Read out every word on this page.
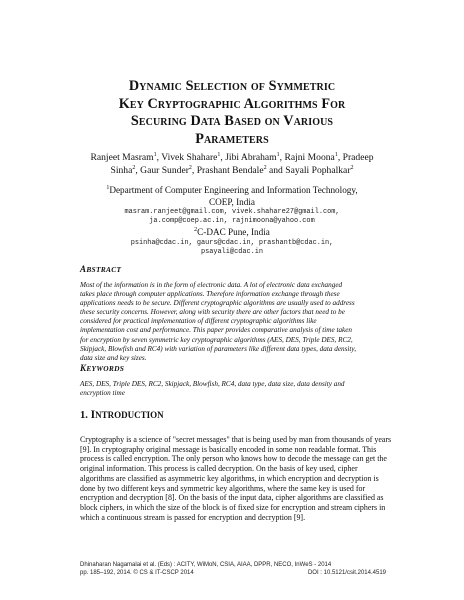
Dynamic Selection of Symmetric
Key Cryptographic Algorithms For
Securing Data Based on Various
Parameters
Ranjeet Masram$^1$, Vivek Shahare$^1$, Jibi Abraham$^1$, Rajni Moona$^1$, Pradeep
Sinha$^2$, Gaur Sunder$^2$, Prashant Bendale$^2$ and Sayali Pophalkar$^2$
$^1$Department of Computer Engineering and Information Technology,
COEP, India
masram.ranjeet@gmail.com, vivek.shahare27@gmail.com,
ja.comp@coep.ac.in, rajnimoona@yahoo.com
$^2$C-DAC Pune, India
psinha@cdac.in, gaurs@cdac.in, prashantb@cdac.in,
psayali@cdac.in
ABSTRACT
Most of the information is in the form of electronic data. A lot of electronic data exchanged
takes place through computer applications. Therefore information exchange through these
applications needs to be secure. Different cryptographic algorithms are usually used to address
these security concerns. However, along with security there are other factors that need to be
considered for practical implementation of different cryptographic algorithms like
implementation cost and performance. This paper provides comparative analysis of time taken
for encryption by seven symmetric key cryptographic algorithms (AES, DES, Triple DES, RC2,
Skipjack, Blowfish and RC4) with variation of parameters like different data types, data density,
data size and key sizes.
KEYWORDS
AES, DES, Triple DES, RC2, Skipjack, Blowfish, RC4, data type, data size, data density and
encryption time
1. INTRODUCTION
Cryptography is a science of "secret messages" that is being used by man from thousands of years
[9]. In cryptography original message is basically encoded in some non readable format. This
process is called encryption. The only person who knows how to decode the message can get the
original information. This process is called decryption. On the basis of key used, cipher
algorithms are classified as asymmetric key algorithms, in which encryption and decryption is
done by two different keys and symmetric key algorithms, where the same key is used for
encryption and decryption [8]. On the basis of the input data, cipher algorithms are classified as
block ciphers, in which the size of the block is of fixed size for encryption and stream ciphers in
which a continuous stream is passed for encryption and decryption [9].
Dhinaharan Nagamalai et al. (Eds) : ACITY, WiMoN, CSIA, AIAA, DPPR, NECO, InWeS - 2014
pp. 185–192, 2014. © CS & IT-CSCP 2014	DOI : 10.5121/csit.2014.4519
